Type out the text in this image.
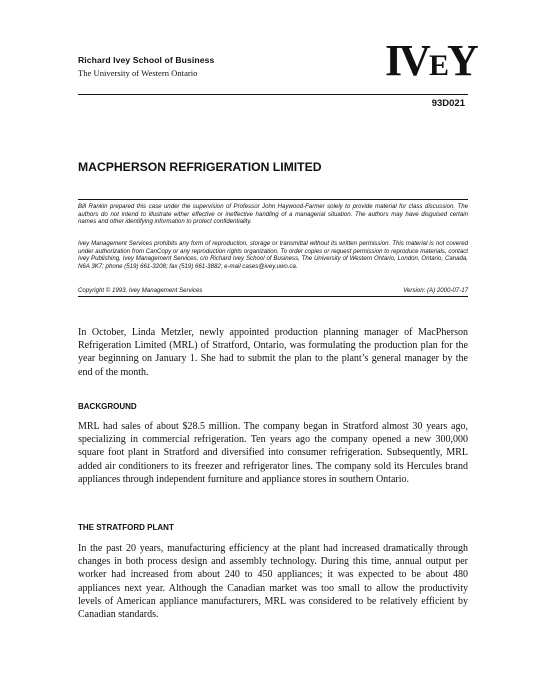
Richard Ivey School of Business
The University of Western Ontario	I
V E
Y
93D021
MACPHERSON REFRIGERATION LIMITED
Bill Rankin prepared this case under the supervision of Professor John Haywood-Farmer solely to provide material for class discussion. The authors do not intend to illustrate either effective or ineffective handling of a managerial situation. The authors may have disguised certain names and other identifying information to protect confidentiality.
Ivey Management Services prohibits any form of reproduction, storage or transmittal without its written permission. This material is not covered under authorization from CanCopy or any reproduction rights organization. To order copies or request permission to reproduce materials, contact Ivey Publishing, Ivey Management Services, c/o Richard Ivey School of Business, The University of Western Ontario, London, Ontario, Canada, N6A 3K7; phone (519) 661-3208; fax (519) 661-3882; e-mail cases@ivey.uwo.ca.
Copyright © 1993, Ivey Management Services	Version: (A) 2000-07-17
In October, Linda Metzler, newly appointed production planning manager of MacPherson Refrigeration Limited (MRL) of Stratford, Ontario, was formulating the production plan for the year beginning on January 1. She had to submit the plan to the plant’s general manager by the end of the month.
BACKGROUND
MRL had sales of about $28.5 million. The company began in Stratford almost 30 years ago, specializing in commercial refrigeration. Ten years ago the company opened a new 300,000 square foot plant in Stratford and diversified into consumer refrigeration. Subsequently, MRL added air conditioners to its freezer and refrigerator lines. The company sold its Hercules brand appliances through independent furniture and appliance stores in southern Ontario.
THE STRATFORD PLANT
In the past 20 years, manufacturing efficiency at the plant had increased dramatically through changes in both process design and assembly technology. During this time, annual output per worker had increased from about 240 to 450 appliances; it was expected to be about 480 appliances next year. Although the Canadian market was too small to allow the productivity levels of American appliance manufacturers, MRL was considered to be relatively efficient by Canadian standards.
